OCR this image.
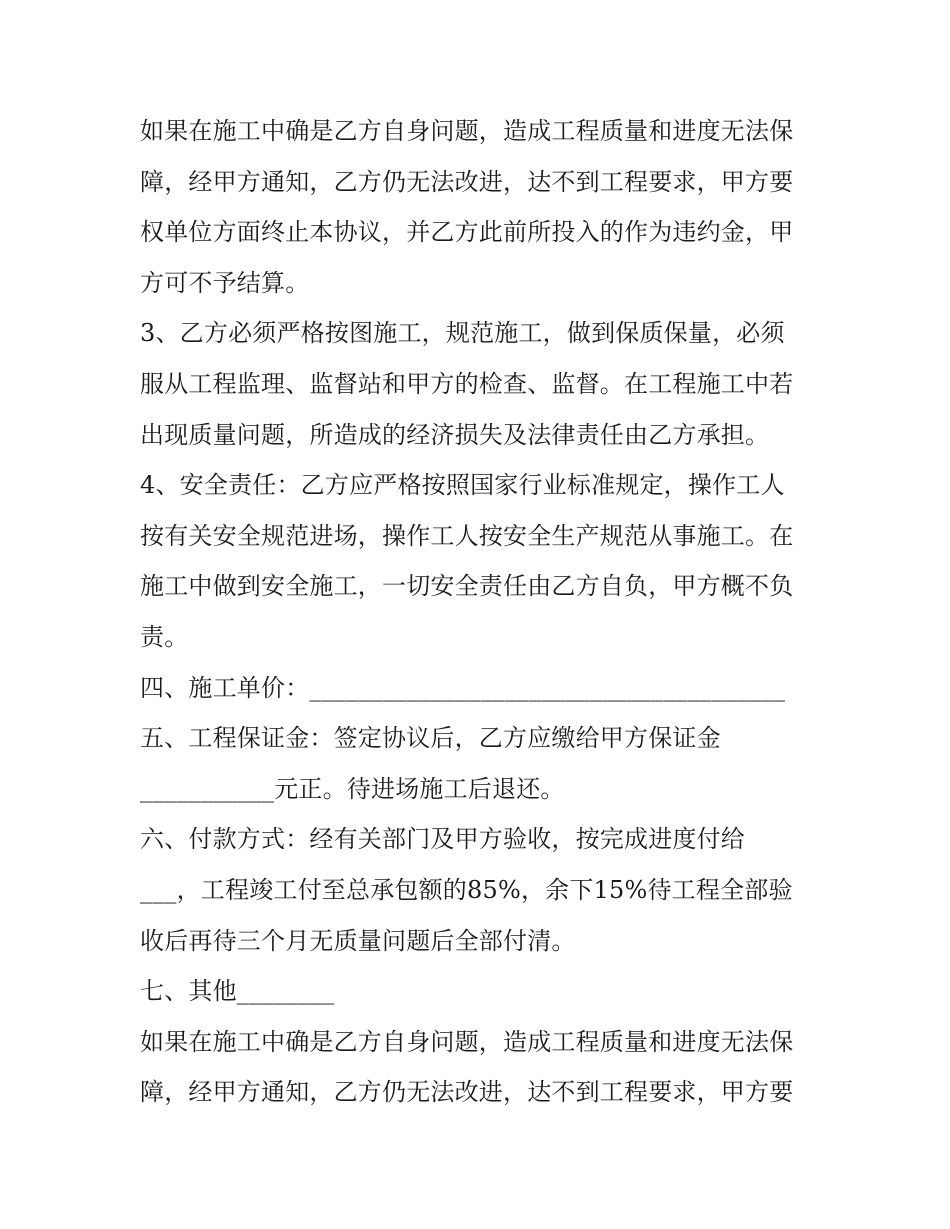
如果在施工中确是乙方自身问题，造成工程质量和进度无法保
障，经甲方通知，乙方仍无法改进，达不到工程要求，甲方要
权单位方面终止本协议，并乙方此前所投入的作为违约金，甲
方可不予结算。
3、乙方必须严格按图施工，规范施工，做到保质保量，必须
服从工程监理、监督站和甲方的检查、监督。在工程施工中若
出现质量问题，所造成的经济损失及法律责任由乙方承担。
4、安全责任：乙方应严格按照国家行业标准规定，操作工人
按有关安全规范进场，操作工人按安全生产规范从事施工。在
施工中做到安全施工，一切安全责任由乙方自负，甲方概不负
责。
四、施工单价：_______________________________________
五、工程保证金：签定协议后，乙方应缴给甲方保证金
___________元正。待进场施工后退还。
六、付款方式：经有关部门及甲方验收，按完成进度付给
___，工程竣工付至总承包额的85%，余下15%待工程全部验
收后再待三个月无质量问题后全部付清。
七、其他________
如果在施工中确是乙方自身问题，造成工程质量和进度无法保
障，经甲方通知，乙方仍无法改进，达不到工程要求，甲方要
